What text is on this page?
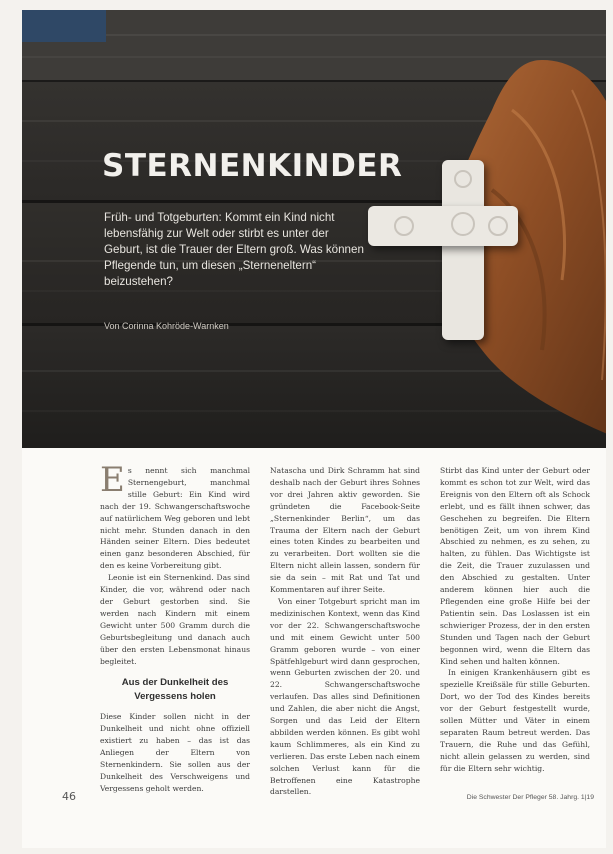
STERNENKINDER

Früh- und Totgeburten: Kommt ein Kind nicht lebensfähig zur Welt oder stirbt es unter der Geburt, ist die Trauer der Eltern groß. Was können Pflegende tun, um diesen „Sterneneltern“ beizustehen?

Von Corinna Kohröde-Warnken

E s nennt sich manchmal Sternengeburt, manchmal stille Geburt: Ein Kind wird nach der 19. Schwangerschaftswoche auf natürlichem Weg geboren und lebt nicht mehr. Stunden danach in den Händen seiner Eltern. Dies bedeutet einen ganz besonderen Abschied, für den es keine Vorbereitung gibt.

Leonie ist ein Sternenkind. Das sind Kinder, die vor, während oder nach der Geburt gestorben sind. Sie werden nach Kindern mit einem Gewicht unter 500 Gramm durch die Geburtsbegleitung und danach auch über den ersten Lebensmonat hinaus begleitet.

Aus der Dunkelheit des Vergessens holen

Diese Kinder sollen nicht in der Dunkelheit und nicht ohne offiziell existiert zu haben – das ist das Anliegen der Eltern von Sternenkindern. Sie sollen aus der Dunkelheit des Verschweigens und Vergessens geholt werden.

Natascha und Dirk Schramm hat sind deshalb nach der Geburt ihres Sohnes vor drei Jahren aktiv geworden. Sie gründeten die Facebook-Seite „Sternenkinder Berlin“, um das Trauma der Eltern nach der Geburt eines toten Kindes zu bearbeiten und zu verarbeiten. Dort wollten sie die Eltern nicht allein lassen, sondern für sie da sein – mit Rat und Tat und Kommentaren auf ihrer Seite.

Von einer Totgeburt spricht man im medizinischen Kontext, wenn das Kind vor der 22. Schwangerschaftswoche und mit einem Gewicht unter 500 Gramm geboren wurde – von einer Spätfehlgeburt wird dann gesprochen, wenn Geburten zwischen der 20. und 22. Schwangerschaftswoche verlaufen. Das alles sind Definitionen und Zahlen, die aber nicht die Angst, Sorgen und das Leid der Eltern abbilden werden können. Es gibt wohl kaum Schlimmeres, als ein Kind zu verlieren. Das erste Leben nach einem solchen Verlust kann für die Betroffenen eine Katastrophe darstellen.

Stirbt das Kind unter der Geburt oder kommt es schon tot zur Welt, wird das Ereignis von den Eltern oft als Schock erlebt, und es fällt ihnen schwer, das Geschehen zu begreifen. Die Eltern benötigen Zeit, um von ihrem Kind Abschied zu nehmen, es zu sehen, zu halten, zu fühlen. Das Wichtigste ist die Zeit, die Trauer zuzulassen und den Abschied zu gestalten. Unter anderem können hier auch die Pflegenden eine große Hilfe bei der Patientin sein. Das Loslassen ist ein schwieriger Prozess, der in den ersten Stunden und Tagen nach der Geburt begonnen wird, wenn die Eltern das Kind sehen und halten können.

In einigen Krankenhäusern gibt es spezielle Kreißsäle für stille Geburten. Dort, wo der Tod des Kindes bereits vor der Geburt festgestellt wurde, sollen Mütter und Väter in einem separaten Raum betreut werden. Das Trauern, die Ruhe und das Gefühl, nicht allein gelassen zu werden, sind für die Eltern sehr wichtig.

46	Die Schwester Der Pfleger 58. Jahrg. 1|19
